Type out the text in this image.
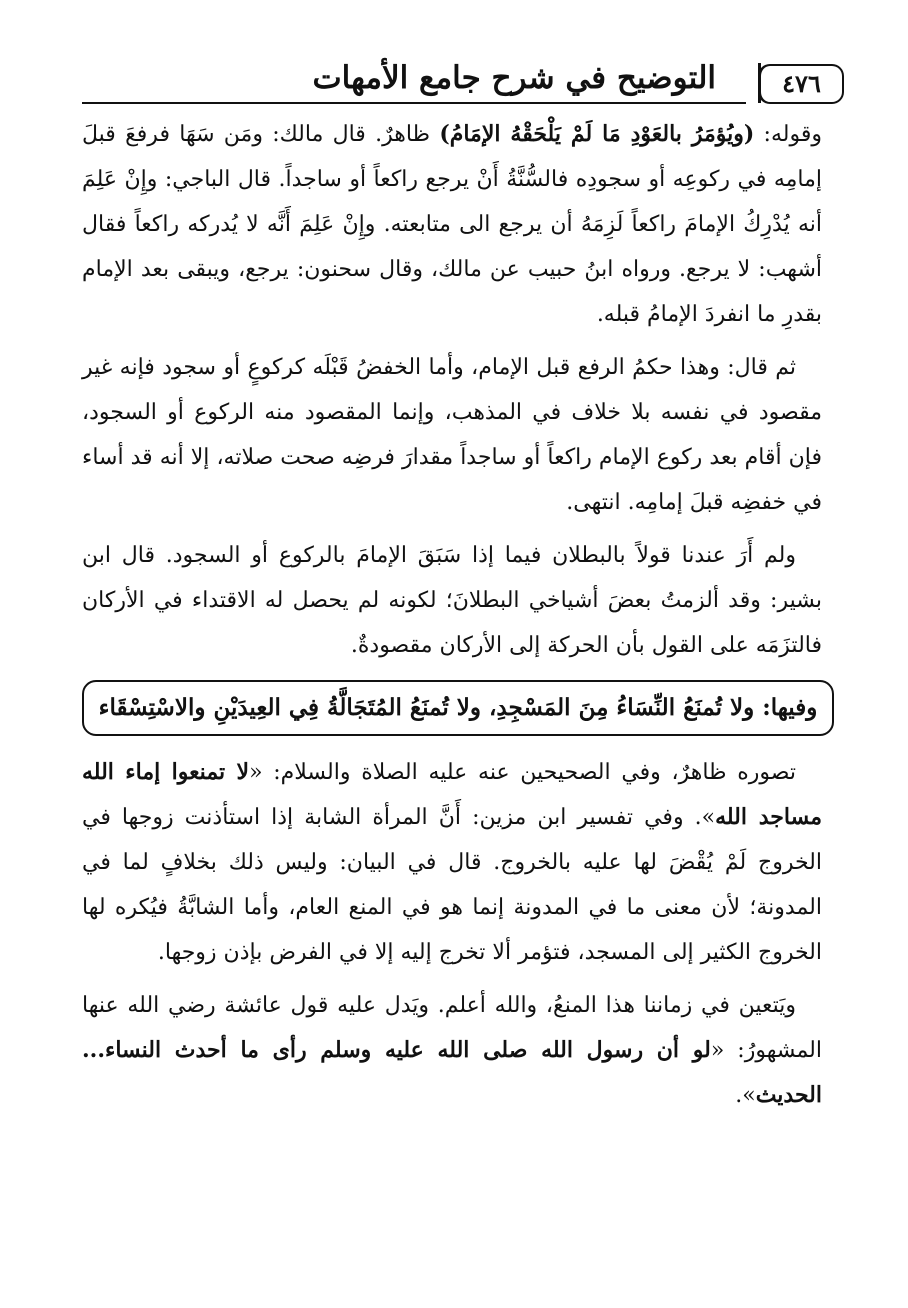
٤٧٦
التوضيح في شرح جامع الأمهات

وقوله: (ويُؤمَرُ بالعَوْدِ مَا لَمْ يَلْحَقْهُ الإمَامُ) ظاهرٌ. قال مالك: ومَن سَهَا فرفعَ قبلَ إمامِه في ركوعِه أو سجودِه فالسُّنَّةُ أَنْ يرجع راكعاً أو ساجداً. قال الباجي: وإِنْ عَلِمَ أنه يُدْرِكُ الإمامَ راكعاً لَزِمَهُ أن يرجع الى متابعته. وإِنْ عَلِمَ أَنَّه لا يُدركه راكعاً فقال أشهب: لا يرجع. ورواه ابنُ حبيب عن مالك، وقال سحنون: يرجع، ويبقى بعد الإمام بقدرِ ما انفردَ الإمامُ قبله.

ثم قال: وهذا حكمُ الرفع قبل الإمام، وأما الخفضُ قَبْلَه كركوعٍ أو سجود فإنه غير مقصود في نفسه بلا خلاف في المذهب، وإنما المقصود منه الركوع أو السجود، فإن أقام بعد ركوع الإمام راكعاً أو ساجداً مقدارَ فرضِه صحت صلاته، إلا أنه قد أساء في خفضِه قبلَ إمامِه. انتهى.

ولم أَرَ عندنا قولاً بالبطلان فيما إذا سَبَقَ الإمامَ بالركوع أو السجود. قال ابن بشير: وقد ألزمتُ بعضَ أشياخي البطلانَ؛ لكونه لم يحصل له الاقتداء في الأركان فالتزَمَه على القول بأن الحركة إلى الأركان مقصودةٌ.

وفيها: ولا تُمنَعُ النِّسَاءُ مِنَ المَسْجِدِ، ولا تُمنَعُ المُتَجَالَّةُ فِي العِيدَيْنِ والاسْتِسْقَاء

تصوره ظاهرٌ، وفي الصحيحين عنه عليه الصلاة والسلام: «لا تمنعوا إماء الله مساجد الله». وفي تفسير ابن مزين: أَنَّ المرأة الشابة إذا استأذنت زوجها في الخروج لَمْ يُقْضَ لها عليه بالخروج. قال في البيان: وليس ذلك بخلافٍ لما في المدونة؛ لأن معنى ما في المدونة إنما هو في المنع العام، وأما الشابَّةُ فيُكره لها الخروج الكثير إلى المسجد، فتؤمر ألا تخرج إليه إلا في الفرض بإذن زوجها.

ويَتعين في زماننا هذا المنعُ، والله أعلم. ويَدل عليه قول عائشة رضي الله عنها المشهورُ: «لو أن رسول الله صلى الله عليه وسلم رأى ما أحدث النساء... الحديث».
